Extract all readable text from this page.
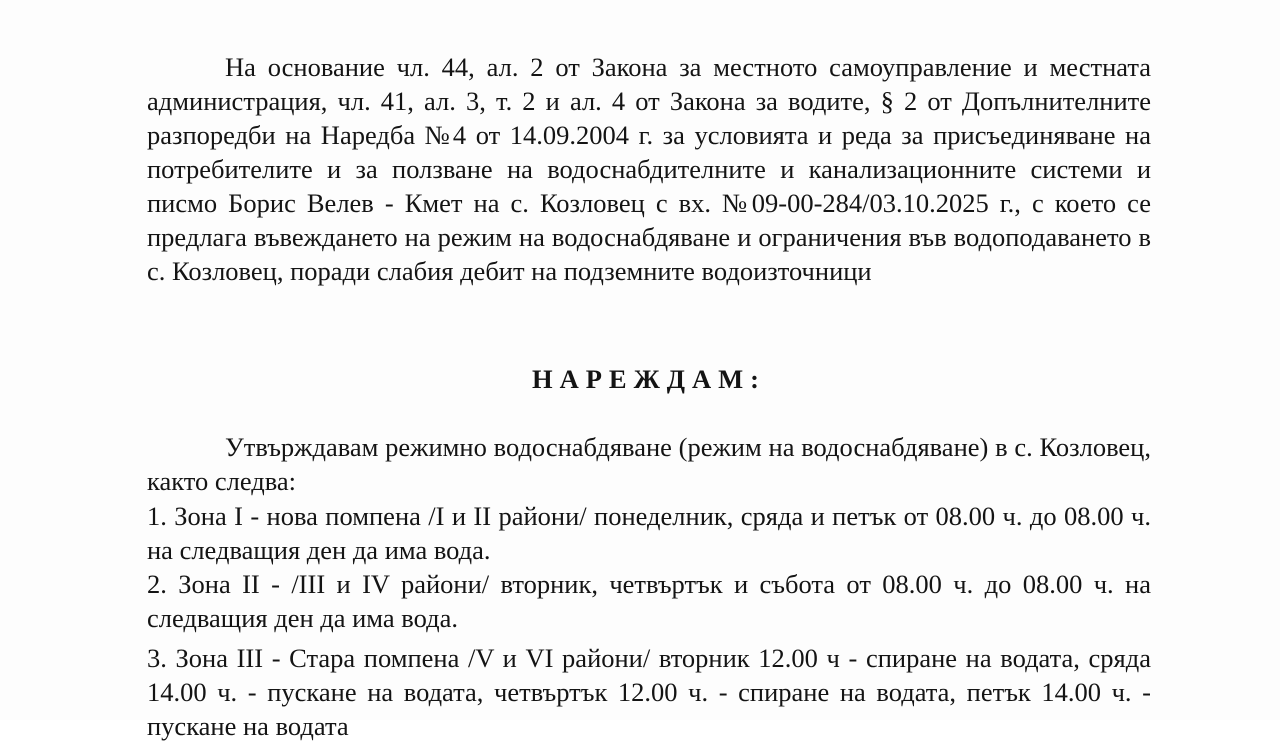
На основание чл. 44, ал. 2 от Закона за местното самоуправление и местната администрация, чл. 41, ал. 3, т. 2 и ал. 4 от Закона за водите, § 2 от Допълнителните разпоредби на Наредба №4 от 14.09.2004 г. за условията и реда за присъединяване на потребителите и за ползване на водоснабдителните и канализационните системи и писмо Борис Велев - Кмет на с. Козловец с вх. №09-00-284/03.10.2025 г., с което се предлага въвеждането на режим на водоснабдяване и ограничения във водоподаването в с. Козловец, поради слабия дебит на подземните водоизточници

НАРЕЖДАМ:

Утвърждавам режимно водоснабдяване (режим на водоснабдяване) в с. Козловец, както следва:

1. Зона I - нова помпена /I и II райони/ понеделник, сряда и петък от 08.00 ч. до 08.00 ч. на следващия ден да има вода.

2. Зона II - /III и IV райони/ вторник, четвъртък и събота от 08.00 ч. до 08.00 ч. на следващия ден да има вода.

3. Зона III - Стара помпена /V и VI райони/ вторник 12.00 ч - спиране на водата, сряда 14.00 ч. - пускане на водата, четвъртък 12.00 ч. - спиране на водата, петък 14.00 ч. - пускане на водата
